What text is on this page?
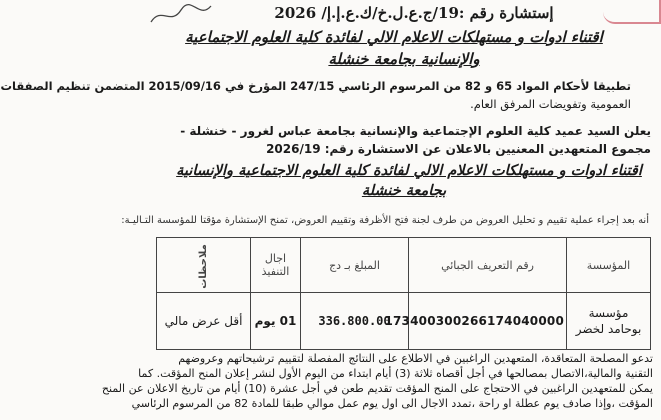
إستشارة رقم :19/ج.ع.ل.خ/ك.ع.إ.إ/ 2026
اقتناء ادوات و مستهلكات الاعلام الالي لفائدة كلية العلوم الاجتماعية
والإنسانية بجامعة خنشلة
تطبيقا لأحكام المواد 65 و 82 من المرسوم الرئاسي 247/15 المؤرخ في 2015/09/16 المتضمن تنظيم الصفقات
العمومية وتفويضات المرفق العام.
يعلن السيد عميد كلية العلوم الإجتماعية والإنسانية بجامعة عباس لغرور - خنشلة -
مجموع المتعهدين المعنيين بالاعلان عن الاستشارة رقم: 2026/19
اقتناء ادوات و مستهلكات الاعلام الالي لفائدة كلية العلوم الاجتماعية والإنسانية
بجامعة خنشلة
أنه بعد إجراء عملية تقييم و تحليل العروض من طرف لجنة فتح الأظرفة وتقييم العروض، تمنح الإستشارة مؤقتا للمؤسسة التـاليـة:
المؤسسة	رقم التعريف الجبائي	المبلغ بـ دج	اجال التنفيذ	ملاحظات

مؤسسة
بوحامد لخضر	173400300266174040000	336.800.00	01 يوم	أقل عرض مالي
تدعو المصلحة المتعاقدة، المتعهدين الراغبين في الاطلاع على النتائج المفصلة لتقييم ترشيحاتهم وعروضهم
التقنية والمالية،الاتصال بمصالحها في أجل أقصاه ثلاثة (3) أيام ابتداء من اليوم الأول لنشر إعلان المنح المؤقت. كما
يمكن للمتعهدين الراغبين في الاحتجاج على المنح المؤقت تقديم طعن في أجل عشرة (10) أيام من تاريخ الاعلان عن المنح
المؤقت ،وإذا صادف يوم عطلة او راحة ،تمدد الاجال الى اول يوم عمل موالي طبقا للمادة 82 من المرسوم الرئاسي
